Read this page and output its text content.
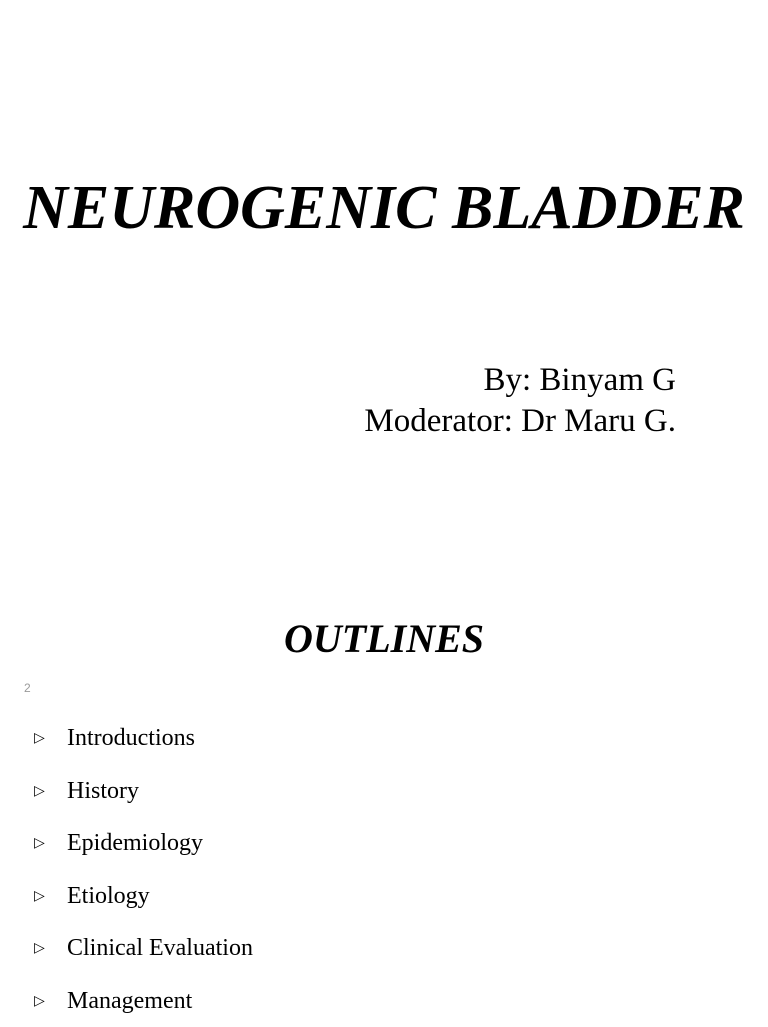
NEUROGENIC BLADDER
By: Binyam G
Moderator: Dr Maru G.
OUTLINES
2
▷ Introductions
▷ History
▷ Epidemiology
▷ Etiology
▷ Clinical Evaluation
▷ Management
